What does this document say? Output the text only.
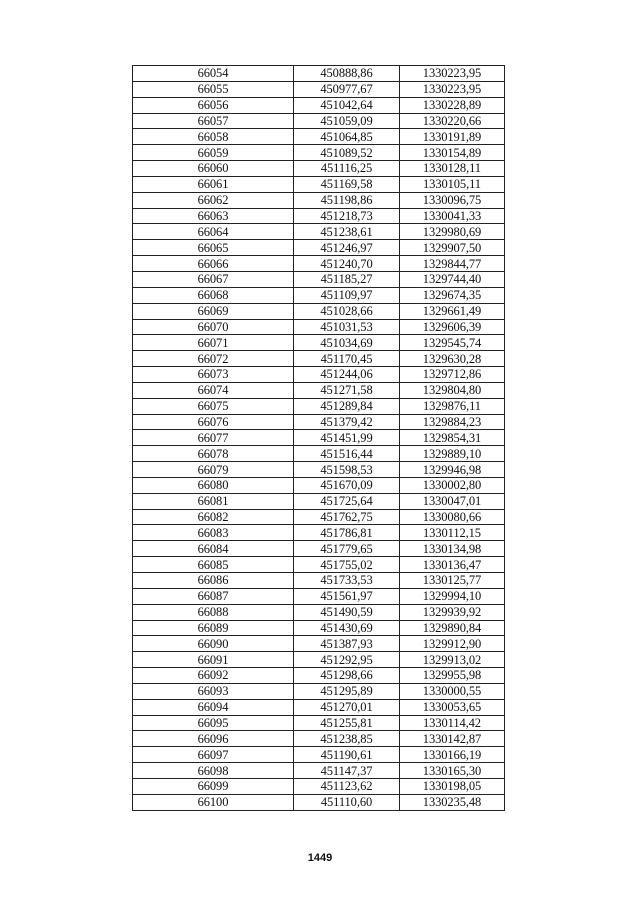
66054	450888,86	1330223,95
66055	450977,67	1330223,95
66056	451042,64	1330228,89
66057	451059,09	1330220,66
66058	451064,85	1330191,89
66059	451089,52	1330154,89
66060	451116,25	1330128,11
66061	451169,58	1330105,11
66062	451198,86	1330096,75
66063	451218,73	1330041,33
66064	451238,61	1329980,69
66065	451246,97	1329907,50
66066	451240,70	1329844,77
66067	451185,27	1329744,40
66068	451109,97	1329674,35
66069	451028,66	1329661,49
66070	451031,53	1329606,39
66071	451034,69	1329545,74
66072	451170,45	1329630,28
66073	451244,06	1329712,86
66074	451271,58	1329804,80
66075	451289,84	1329876,11
66076	451379,42	1329884,23
66077	451451,99	1329854,31
66078	451516,44	1329889,10
66079	451598,53	1329946,98
66080	451670,09	1330002,80
66081	451725,64	1330047,01
66082	451762,75	1330080,66
66083	451786,81	1330112,15
66084	451779,65	1330134,98
66085	451755,02	1330136,47
66086	451733,53	1330125,77
66087	451561,97	1329994,10
66088	451490,59	1329939,92
66089	451430,69	1329890,84
66090	451387,93	1329912,90
66091	451292,95	1329913,02
66092	451298,66	1329955,98
66093	451295,89	1330000,55
66094	451270,01	1330053,65
66095	451255,81	1330114,42
66096	451238,85	1330142,87
66097	451190,61	1330166,19
66098	451147,37	1330165,30
66099	451123,62	1330198,05
66100	451110,60	1330235,48
1449
